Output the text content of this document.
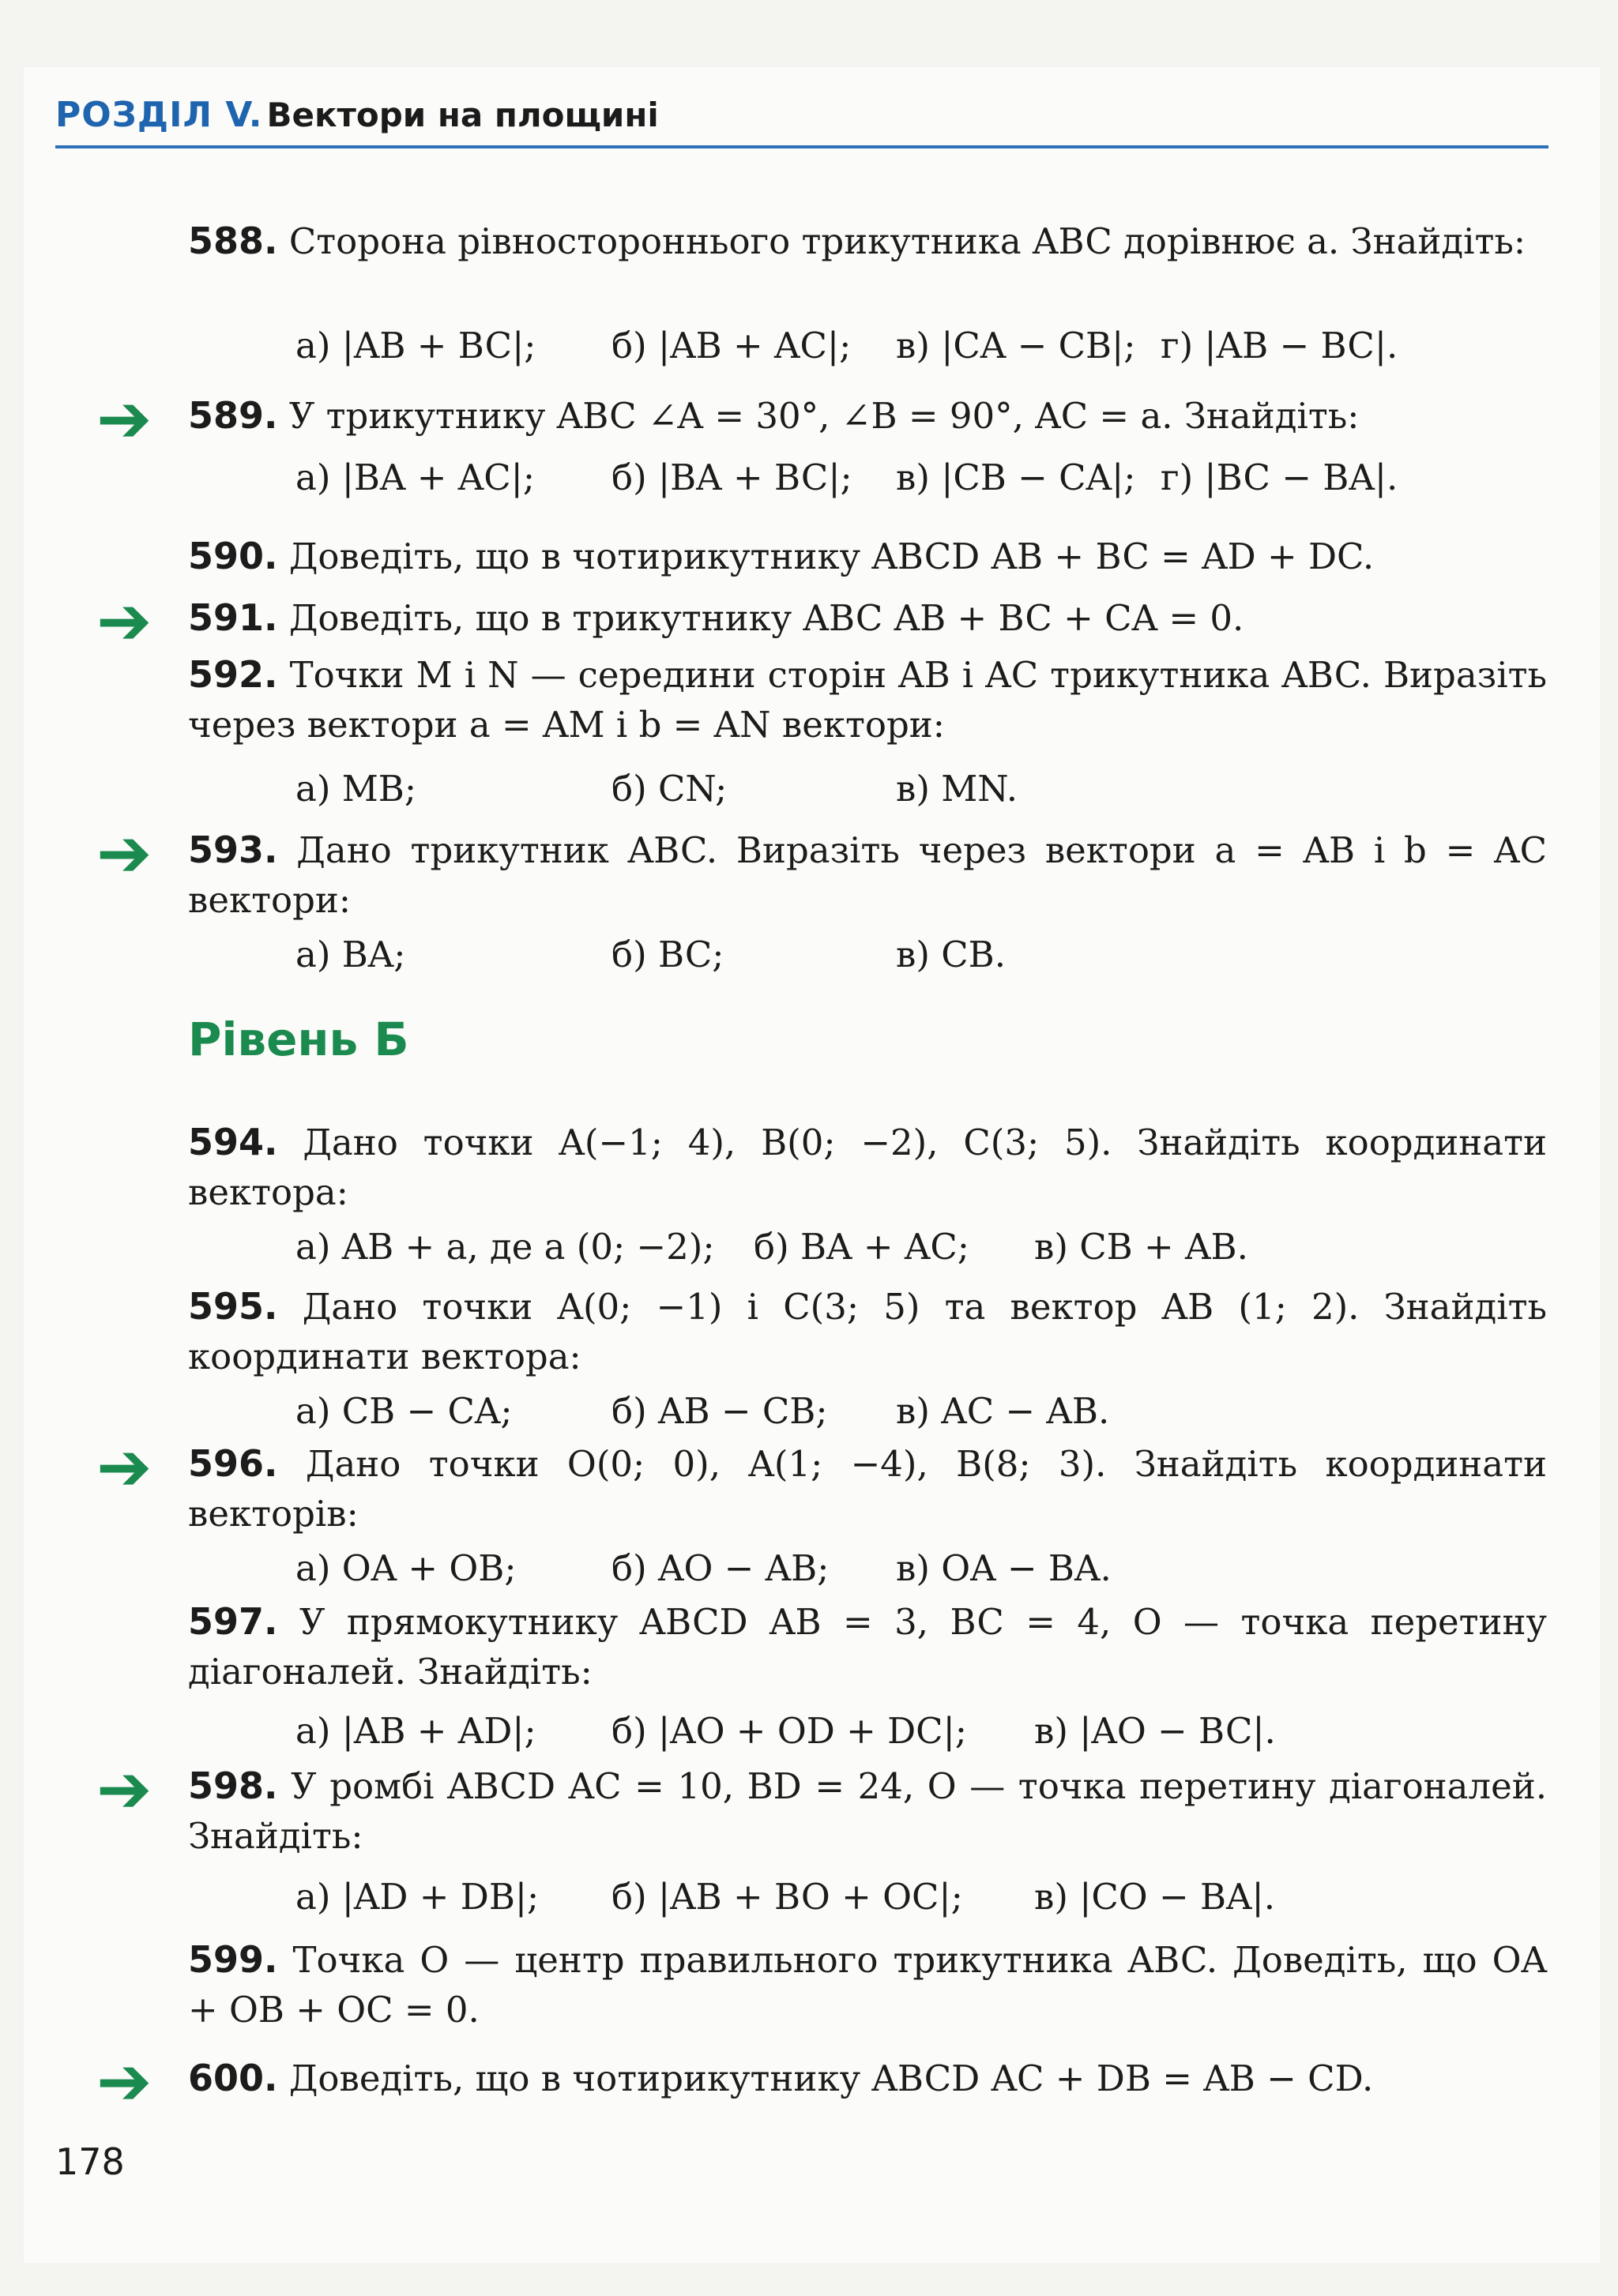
РОЗДІЛ V. Вектори на площині
588. Сторона рівностороннього трикутника ABC дорівнює a. Знайдіть:
а) |AB + BC|; б) |AB + AC|; в) |CA − CB|; г) |AB − BC|.
➔ 589. У трикутнику ABC ∠A = 30°, ∠B = 90°, AC = a. Знайдіть:
а) |BA + AC|; б) |BA + BC|; в) |CB − CA|; г) |BC − BA|.
590. Доведіть, що в чотирикутнику ABCD AB + BC = AD + DC.
➔ 591. Доведіть, що в трикутнику ABC AB + BC + CA = 0.
592. Точки M і N — середини сторін AB і AC трикутника ABC. Виразіть через вектори a = AM і b = AN вектори:
а) MB;	б) CN;	в) MN.
➔ 593. Дано трикутник ABC. Виразіть через вектори a = AB і b = AC вектори:
а) BA;	б) BC;	в) CB.
Рівень Б
594. Дано точки A(−1; 4), B(0; −2), C(3; 5). Знайдіть координати вектора:
а) AB + a, де a (0; −2); б) BA + AC; в) CB + AB.
595. Дано точки A(0; −1) і C(3; 5) та вектор AB (1; 2). Знайдіть координати вектора:
а) CB − CA;	б) AB − CB; в) AC − AB.
➔ 596. Дано точки O(0; 0), A(1; −4), B(8; 3). Знайдіть координати векторів:
а) OA + OB;	б) AO − AB; в) OA − BA.
597. У прямокутнику ABCD AB = 3, BC = 4, O — точка перетину діагоналей. Знайдіть:
а) |AB + AD|; б) |AO + OD + DC|; в) |AO − BC|.
➔ 598. У ромбі ABCD AC = 10, BD = 24, O — точка перетину діагоналей. Знайдіть:
а) |AD + DB|; б) |AB + BO + OC|; в) |CO − BA|.
599. Точка O — центр правильного трикутника ABC. Доведіть, що OA + OB + OC = 0.
➔ 600. Доведіть, що в чотирикутнику ABCD AC + DB = AB − CD.
178
